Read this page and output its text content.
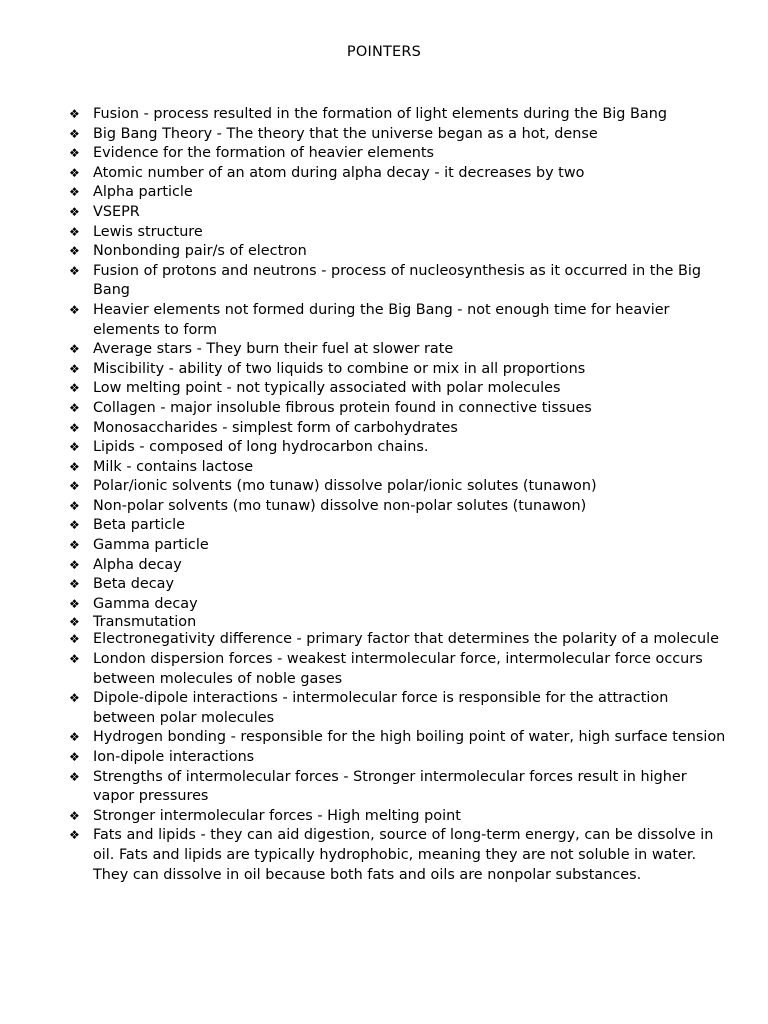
POINTERS
❖ Fusion - process resulted in the formation of light elements during the Big Bang
❖ Big Bang Theory - The theory that the universe began as a hot, dense
❖ Evidence for the formation of heavier elements
❖ Atomic number of an atom during alpha decay - it decreases by two
❖ Alpha particle
❖ VSEPR
❖ Lewis structure
❖ Nonbonding pair/s of electron
❖ Fusion of protons and neutrons - process of nucleosynthesis as it occurred in the Big Bang
❖ Heavier elements not formed during the Big Bang - not enough time for heavier elements to form
❖ Average stars - They burn their fuel at slower rate
❖ Miscibility - ability of two liquids to combine or mix in all proportions
❖ Low melting point - not typically associated with polar molecules
❖ Collagen - major insoluble fibrous protein found in connective tissues
❖ Monosaccharides - simplest form of carbohydrates
❖ Lipids - composed of long hydrocarbon chains.
❖ Milk - contains lactose
❖ Polar/ionic solvents (mo tunaw) dissolve polar/ionic solutes (tunawon)
❖ Non-polar solvents (mo tunaw) dissolve non-polar solutes (tunawon)
❖ Beta particle
❖ Gamma particle
❖ Alpha decay
❖ Beta decay
❖ Gamma decay
❖ Transmutation
❖ Electronegativity difference - primary factor that determines the polarity of a molecule
❖ London dispersion forces - weakest intermolecular force, intermolecular force occurs between molecules of noble gases
❖ Dipole-dipole interactions - intermolecular force is responsible for the attraction between polar molecules
❖ Hydrogen bonding - responsible for the high boiling point of water, high surface tension
❖ Ion-dipole interactions
❖ Strengths of intermolecular forces - Stronger intermolecular forces result in higher vapor pressures
❖ Stronger intermolecular forces - High melting point
❖ Fats and lipids - they can aid digestion, source of long-term energy, can be dissolve in oil. Fats and lipids are typically hydrophobic, meaning they are not soluble in water. They can dissolve in oil because both fats and oils are nonpolar substances.
